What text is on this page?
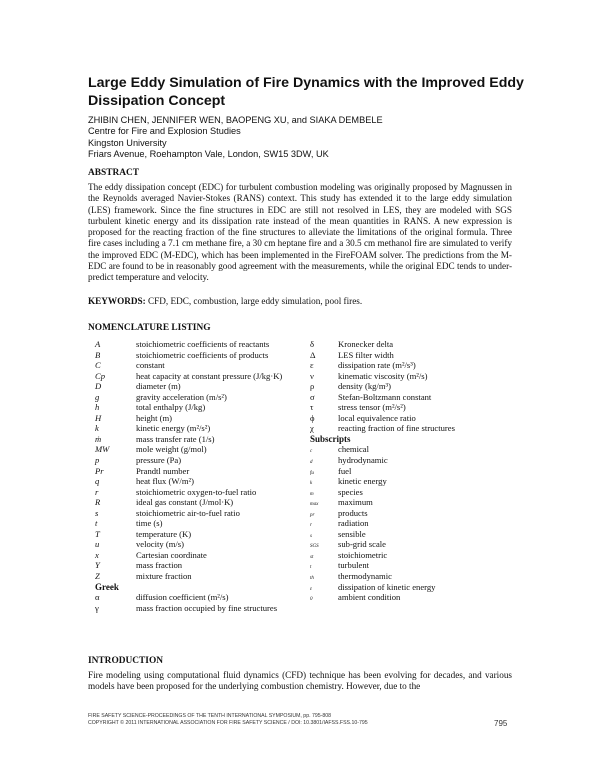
Large Eddy Simulation of Fire Dynamics with the Improved Eddy Dissipation Concept
ZHIBIN CHEN, JENNIFER WEN, BAOPENG XU, and SIAKA DEMBELE
Centre for Fire and Explosion Studies
Kingston University
Friars Avenue, Roehampton Vale, London, SW15 3DW, UK
ABSTRACT
The eddy dissipation concept (EDC) for turbulent combustion modeling was originally proposed by Magnussen in the Reynolds averaged Navier-Stokes (RANS) context. This study has extended it to the large eddy simulation (LES) framework. Since the fine structures in EDC are still not resolved in LES, they are modeled with SGS turbulent kinetic energy and its dissipation rate instead of the mean quantities in RANS. A new expression is proposed for the reacting fraction of the fine structures to alleviate the limitations of the original formula. Three fire cases including a 7.1 cm methane fire, a 30 cm heptane fire and a 30.5 cm methanol fire are simulated to verify the improved EDC (M-EDC), which has been implemented in the FireFOAM solver. The predictions from the M-EDC are found to be in reasonably good agreement with the measurements, while the original EDC tends to under-predict temperature and velocity.
KEYWORDS: CFD, EDC, combustion, large eddy simulation, pool fires.
NOMENCLATURE LISTING
A	stoichiometric coefficients of reactants
B	stoichiometric coefficients of products
C	constant
Cp	heat capacity at constant pressure (J/kg·K)
D	diameter (m)
g	gravity acceleration (m/s²)
h	total enthalpy (J/kg)
H	height (m)
k	kinetic energy (m²/s²)
ṁ	mass transfer rate (1/s)
MW	mole weight (g/mol)
p	pressure (Pa)
Pr	Prandtl number
q	heat flux (W/m²)
r	stoichiometric oxygen-to-fuel ratio
R	ideal gas constant (J/mol·K)
s	stoichiometric air-to-fuel ratio
t	time (s)
T	temperature (K)
u	velocity (m/s)
x	Cartesian coordinate
Y	mass fraction
Z	mixture fraction
Greek
α	diffusion coefficient (m²/s)
γ	mass fraction occupied by fine structures
δ	Kronecker delta
Δ	LES filter width
ε	dissipation rate (m²/s³)
ν	kinematic viscosity (m²/s)
ρ	density (kg/m³)
σ	Stefan-Boltzmann constant
τ	stress tensor (m²/s²)
ϕ	local equivalence ratio
χ	reacting fraction of fine structures
Subscripts
c	chemical
d	hydrodynamic
fu	fuel
k	kinetic energy
m	species
max maximum
pr	products
r	radiation
s	sensible
SGS sub-grid scale
st	stoichiometric
t	turbulent
th	thermodynamic
ε	dissipation of kinetic energy
0	ambient condition
INTRODUCTION
Fire modeling using computational fluid dynamics (CFD) technique has been evolving for decades, and various models have been proposed for the underlying combustion chemistry. However, due to the
FIRE SAFETY SCIENCE-PROCEEDINGS OF THE TENTH INTERNATIONAL SYMPOSIUM, pp. 795-808
COPYRIGHT © 2011 INTERNATIONAL ASSOCIATION FOR FIRE SAFETY SCIENCE / DOI: 10.3801/IAFSS.FSS.10-795	795
